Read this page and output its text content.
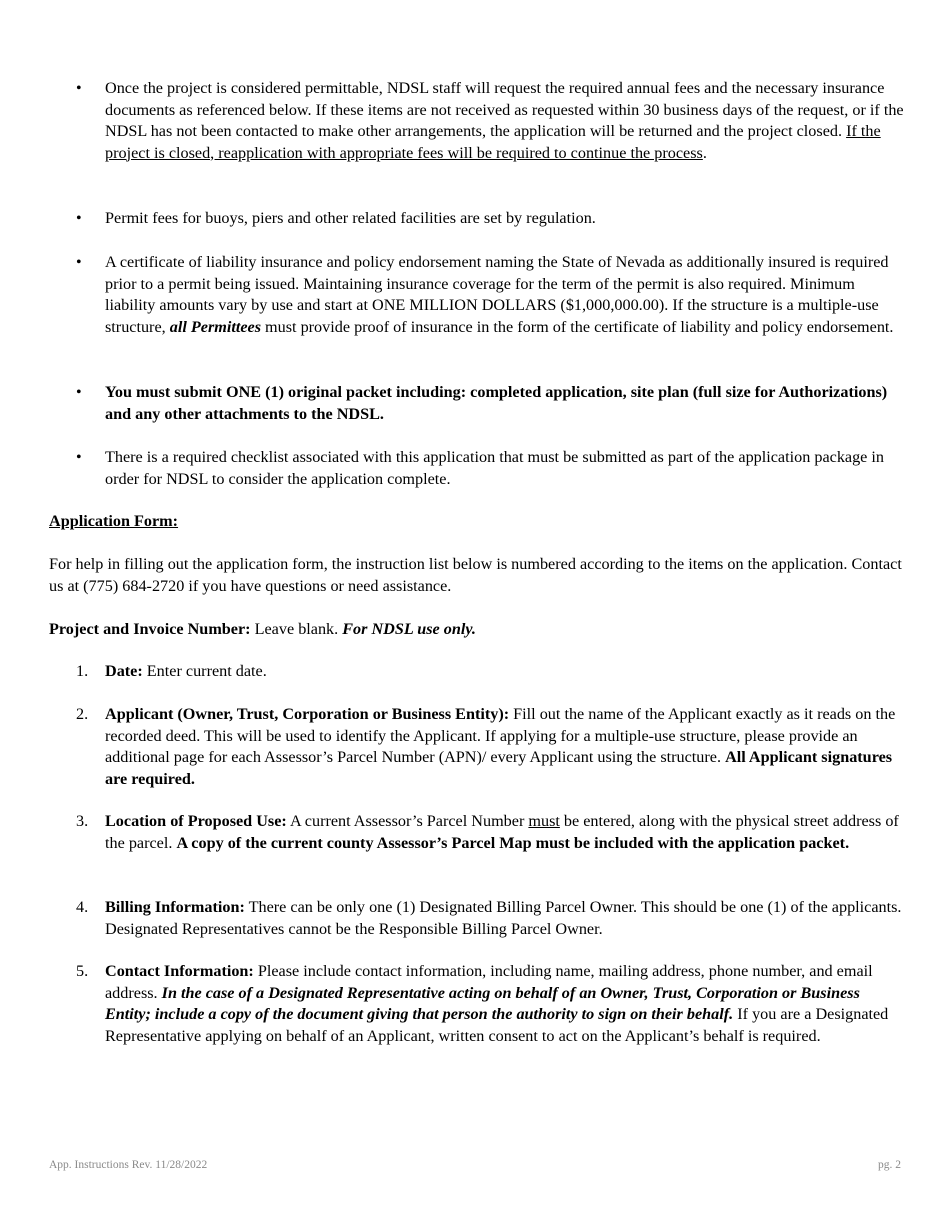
• Once the project is considered permittable, NDSL staff will request the required annual fees and the necessary insurance documents as referenced below. If these items are not received as requested within 30 business days of the request, or if the NDSL has not been contacted to make other arrangements, the application will be returned and the project closed. If the project is closed, reapplication with appropriate fees will be required to continue the process.
• Permit fees for buoys, piers and other related facilities are set by regulation.
• A certificate of liability insurance and policy endorsement naming the State of Nevada as additionally insured is required prior to a permit being issued. Maintaining insurance coverage for the term of the permit is also required. Minimum liability amounts vary by use and start at ONE MILLION DOLLARS ($1,000,000.00). If the structure is a multiple-use structure, all Permittees must provide proof of insurance in the form of the certificate of liability and policy endorsement.
• You must submit ONE (1) original packet including: completed application, site plan (full size for Authorizations) and any other attachments to the NDSL.
• There is a required checklist associated with this application that must be submitted as part of the application package in order for NDSL to consider the application complete.
Application Form:
For help in filling out the application form, the instruction list below is numbered according to the items on the application. Contact us at (775) 684-2720 if you have questions or need assistance.
Project and Invoice Number: Leave blank. For NDSL use only.
1. Date: Enter current date.
2. Applicant (Owner, Trust, Corporation or Business Entity): Fill out the name of the Applicant exactly as it reads on the recorded deed. This will be used to identify the Applicant. If applying for a multiple-use structure, please provide an additional page for each Assessor’s Parcel Number (APN)/ every Applicant using the structure. All Applicant signatures are required.
3. Location of Proposed Use: A current Assessor’s Parcel Number must be entered, along with the physical street address of the parcel. A copy of the current county Assessor’s Parcel Map must be included with the application packet.
4. Billing Information: There can be only one (1) Designated Billing Parcel Owner. This should be one (1) of the applicants. Designated Representatives cannot be the Responsible Billing Parcel Owner.
5. Contact Information: Please include contact information, including name, mailing address, phone number, and email address. In the case of a Designated Representative acting on behalf of an Owner, Trust, Corporation or Business Entity; include a copy of the document giving that person the authority to sign on their behalf. If you are a Designated Representative applying on behalf of an Applicant, written consent to act on the Applicant’s behalf is required.
App. Instructions Rev. 11/28/2022	pg. 2
